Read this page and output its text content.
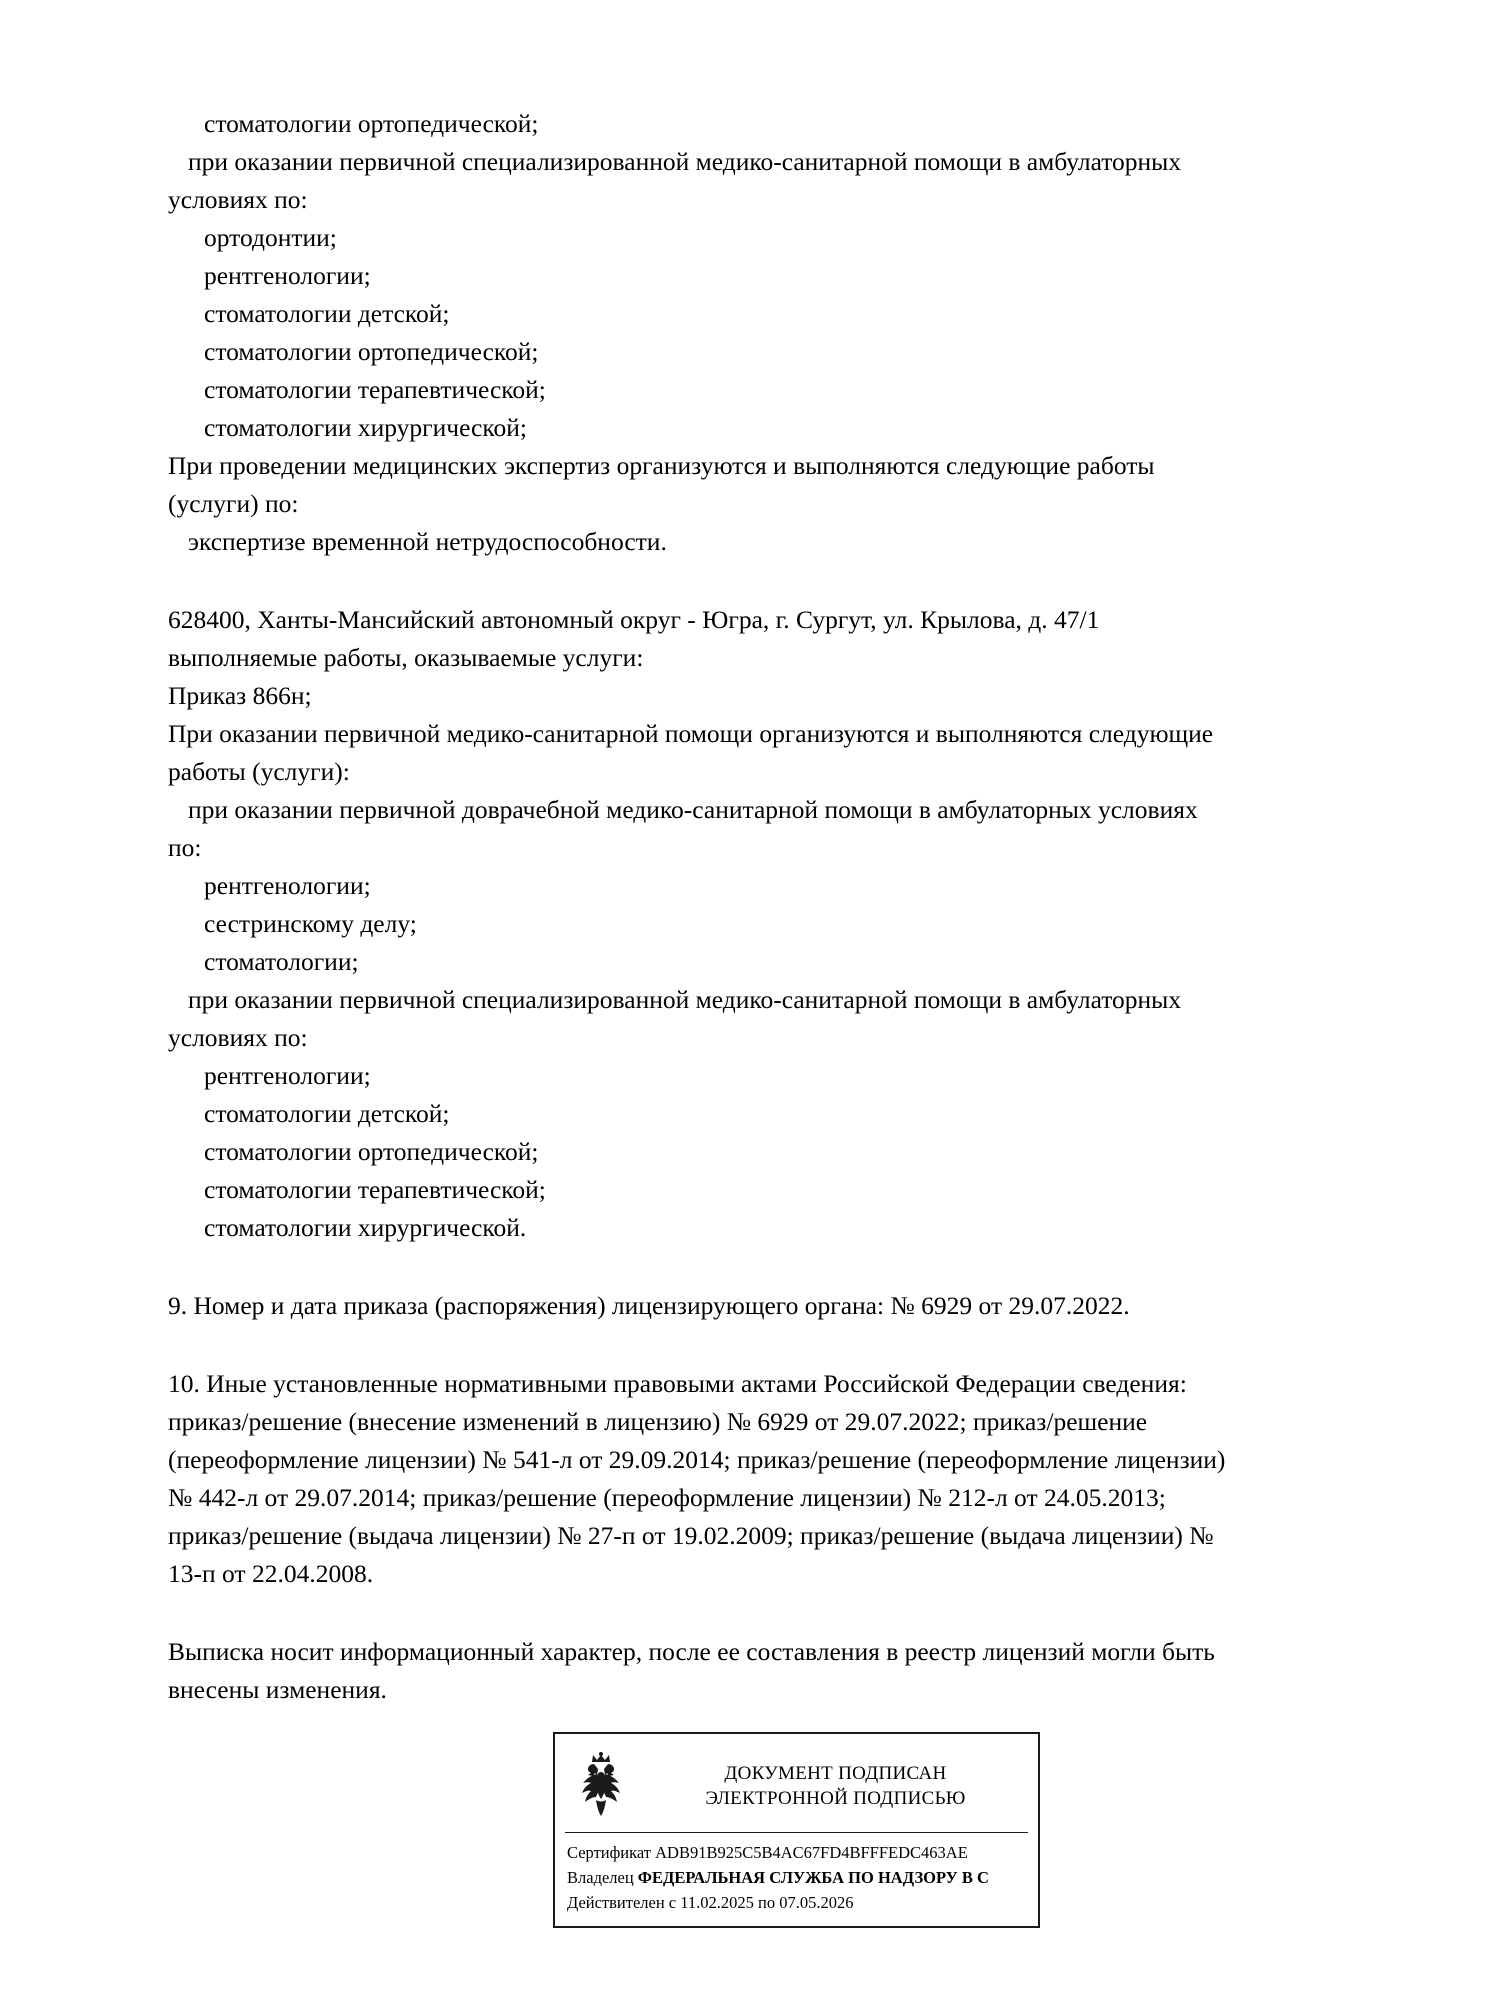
стоматологии ортопедической;
при оказании первичной специализированной медико-санитарной помощи в амбулаторных
условиях по:
ортодонтии;
рентгенологии;
стоматологии детской;
стоматологии ортопедической;
стоматологии терапевтической;
стоматологии хирургической;
При проведении медицинских экспертиз организуются и выполняются следующие работы
(услуги) по:
экспертизе временной нетрудоспособности.
628400, Ханты-Мансийский автономный округ - Югра, г. Сургут, ул. Крылова, д. 47/1
выполняемые работы, оказываемые услуги:
Приказ 866н;
При оказании первичной медико-санитарной помощи организуются и выполняются следующие
работы (услуги):
при оказании первичной доврачебной медико-санитарной помощи в амбулаторных условиях
по:
рентгенологии;
сестринскому делу;
стоматологии;
при оказании первичной специализированной медико-санитарной помощи в амбулаторных
условиях по:
рентгенологии;
стоматологии детской;
стоматологии ортопедической;
стоматологии терапевтической;
стоматологии хирургической.
9. Номер и дата приказа (распоряжения) лицензирующего органа: № 6929 от 29.07.2022.
10. Иные установленные нормативными правовыми актами Российской Федерации сведения:
приказ/решение (внесение изменений в лицензию) № 6929 от 29.07.2022; приказ/решение
(переоформление лицензии) № 541-л от 29.09.2014; приказ/решение (переоформление лицензии)
№ 442-л от 29.07.2014; приказ/решение (переоформление лицензии) № 212-л от 24.05.2013;
приказ/решение (выдача лицензии) № 27-п от 19.02.2009; приказ/решение (выдача лицензии) №
13-п от 22.04.2008.
Выписка носит информационный характер, после ее составления в реестр лицензий могли быть
внесены изменения.
ДОКУМЕНТ ПОДПИСАН
ЭЛЕКТРОННОЙ ПОДПИСЬЮ
Сертификат ADB91B925C5B4AC67FD4BFFFEDC463AE
Владелец ФЕДЕРАЛЬНАЯ СЛУЖБА ПО НАДЗОРУ В С
Действителен с 11.02.2025 по 07.05.2026
